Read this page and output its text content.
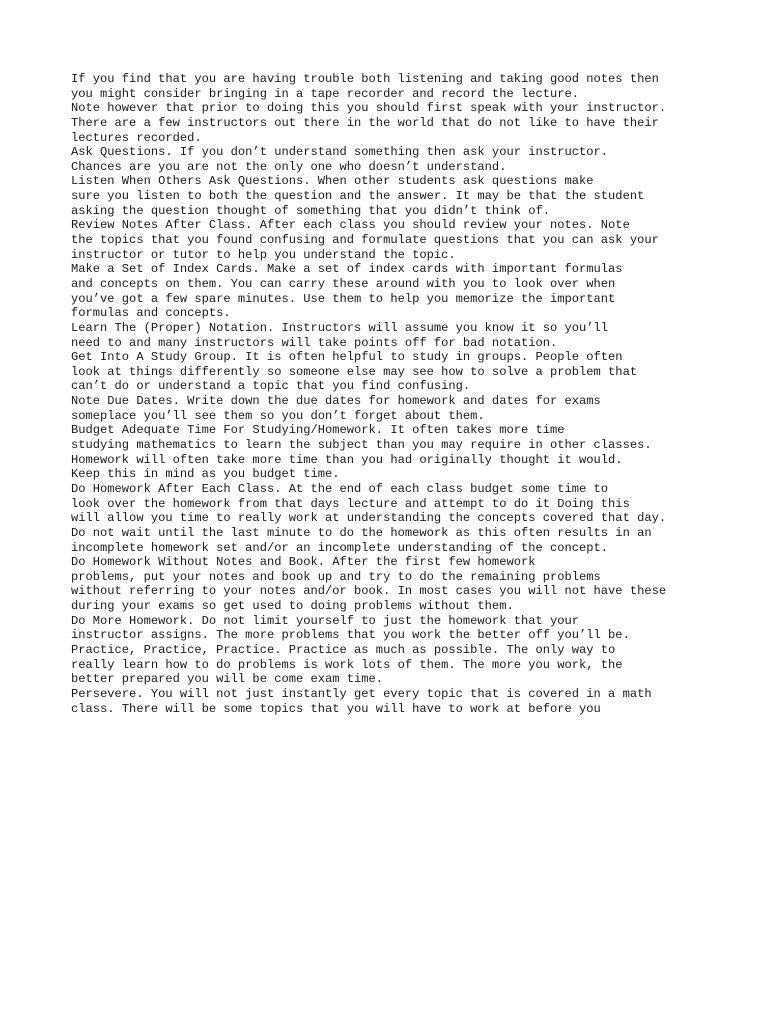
If you find that you are having trouble both listening and taking good notes then
you might consider bringing in a tape recorder and record the lecture.
Note however that prior to doing this you should first speak with your instructor.
There are a few instructors out there in the world that do not like to have their
lectures recorded.
Ask Questions. If you don’t understand something then ask your instructor.
Chances are you are not the only one who doesn’t understand.
Listen When Others Ask Questions. When other students ask questions make
sure you listen to both the question and the answer. It may be that the student
asking the question thought of something that you didn’t think of.
Review Notes After Class. After each class you should review your notes. Note
the topics that you found confusing and formulate questions that you can ask your
instructor or tutor to help you understand the topic.
Make a Set of Index Cards. Make a set of index cards with important formulas
and concepts on them. You can carry these around with you to look over when
you’ve got a few spare minutes. Use them to help you memorize the important
formulas and concepts.
Learn The (Proper) Notation. Instructors will assume you know it so you’ll
need to and many instructors will take points off for bad notation.
Get Into A Study Group. It is often helpful to study in groups. People often
look at things differently so someone else may see how to solve a problem that
can’t do or understand a topic that you find confusing.
Note Due Dates. Write down the due dates for homework and dates for exams
someplace you’ll see them so you don’t forget about them.
Budget Adequate Time For Studying/Homework. It often takes more time
studying mathematics to learn the subject than you may require in other classes.
Homework will often take more time than you had originally thought it would.
Keep this in mind as you budget time.
Do Homework After Each Class. At the end of each class budget some time to
look over the homework from that days lecture and attempt to do it Doing this
will allow you time to really work at understanding the concepts covered that day.
Do not wait until the last minute to do the homework as this often results in an
incomplete homework set and/or an incomplete understanding of the concept.
Do Homework Without Notes and Book. After the first few homework
problems, put your notes and book up and try to do the remaining problems
without referring to your notes and/or book. In most cases you will not have these
during your exams so get used to doing problems without them.
Do More Homework. Do not limit yourself to just the homework that your
instructor assigns. The more problems that you work the better off you’ll be.
Practice, Practice, Practice. Practice as much as possible. The only way to
really learn how to do problems is work lots of them. The more you work, the
better prepared you will be come exam time.
Persevere. You will not just instantly get every topic that is covered in a math
class. There will be some topics that you will have to work at before you
